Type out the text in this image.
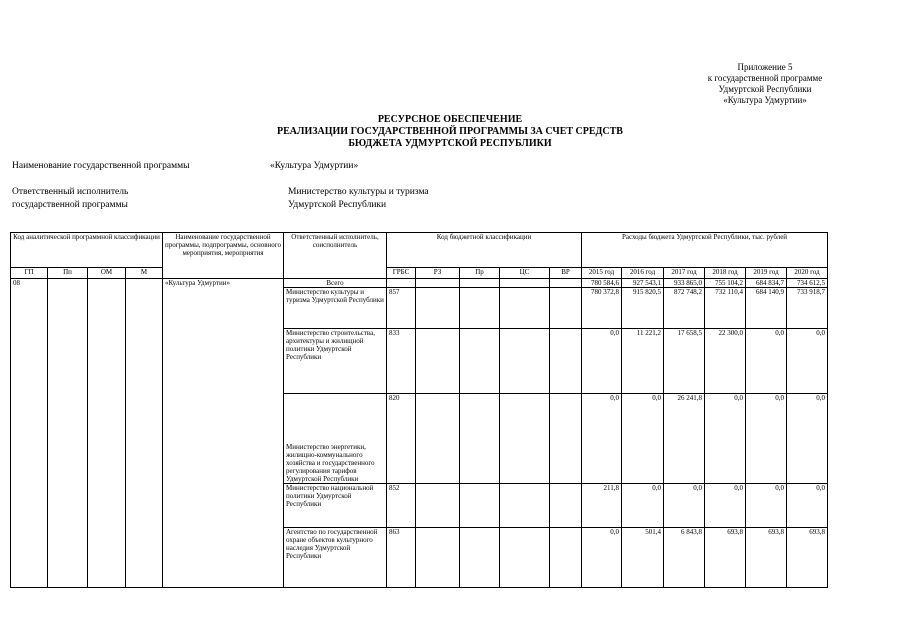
Приложение 5
к государственной программе
Удмуртской Республики
«Культура Удмуртии»
РЕСУРСНОЕ ОБЕСПЕЧЕНИЕ
РЕАЛИЗАЦИИ ГОСУДАРСТВЕННОЙ ПРОГРАММЫ ЗА СЧЕТ СРЕДСТВ
БЮДЖЕТА УДМУРТСКОЙ РЕСПУБЛИКИ
Наименование государственной программы	«Культура Удмуртии»
Ответственный исполнитель
государственной программы
Министерство культуры и туризма
Удмуртской Республики
Код аналитической программной классификации				Наименование государственной программы, подпрограммы, основного мероприятия, мероприятия	Ответственный исполнитель, соисполнитель	Код бюджетной классификации					Расходы бюджета Удмуртской Республики, тыс. рублей					
ГП	Пп	ОМ	М			ГРБС	РЗ	Пр	ЦС	ВР	2015 год	2016 год	2017 год	2018 год	2019 год	2020 год
08				«Культура Удмуртии»	Всего						780 584,6	927 543,1	933 865,0	755 104,2	684 834,7	734 612,5
					Министерство культуры и туризма Удмуртской Республики	857					780 372,8	915 820,5	872 748,2	732 110,4	684 140,9	733 918,7
					Министерство строительства, архитектуры и жилищной политики Удмуртской Республики	833					0,0	11 221,2	17 658,5	22 300,0	0,0	0,0
					Министерство энергетики, жилищно-коммунального хозяйства и государственного регулирования тарифов Удмуртской Республики	820					0,0	0,0	26 241,8	0,0	0,0	0,0
					Министерство национальной политики Удмуртской Республики	852					211,8	0,0	0,0	0,0	0,0	0,0
					Агентство по государственной охране объектов культурного наследия Удмуртской Республики	863					0,0	501,4	6 843,8	693,8	693,8	693,8
